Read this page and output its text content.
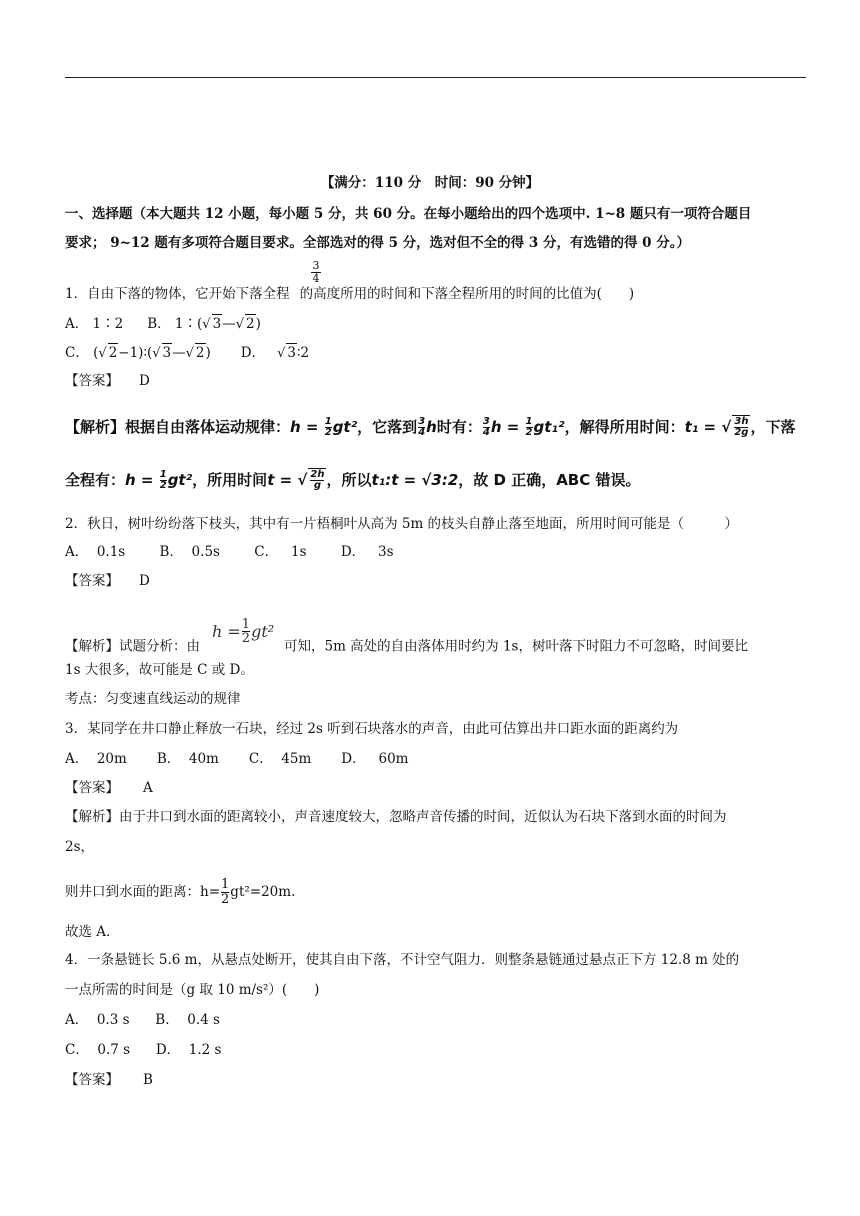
【满分：110 分　时间：90 分钟】
一、选择题（本大题共 12 小题，每小题 5 分，共 60 分。在每小题给出的四个选项中. 1~8 题只有一项符合题目
要求； 9~12 题有多项符合题目要求。全部选对的得 5 分，选对但不全的得 3 分，有选错的得 0 分。）
3
4
1．自由下落的物体，它开始下落全程 的高度所用的时间和下落全程所用的时间的比值为(　　)
A． 1∶2 B． 1∶(√ 3—√ 2)
C． (√ 2−1)∶(√ 3—√ 2) D． √ 3∶2
【答案】 D
【解析】根据自由落体运动规律：$h = \frac{1}{2} gt^2$，它落到 $\frac{3}{4}$ h时有： $\frac{3}{4}$ $h = \frac{1}{2} gt_1^2$，解得所用时间：t₁ = √ $\frac{3h}{2g}$ ，下落
全程有：$h = \frac{1}{2} gt^2$，所用时间t = √ $\frac{2h}{g}$ ，所以t₁:t = √3:2，故 D 正确，ABC 错误。
2．秋日，树叶纷纷落下枝头，其中有一片梧桐叶从高为 5m 的枝头自静止落至地面，所用时间可能是（　　　）
A．  0.1s        B．  0.5s        C．   1s        D．   3s
【答案】 D
【解析】试题分析：由$h = \frac{1}{2} gt^2$可知，5m 高处的自由落体用时约为 1s，树叶落下时阻力不可忽略，时间要比
1s 大很多，故可能是 C 或 D。
考点：匀变速直线运动的规律
3．某同学在井口静止释放一石块，经过 2s 听到石块落水的声音，由此可估算出井口距水面的距离约为
A．  20m       B．  40m       C．  45m       D．   60m
【答案】 A
【解析】由于井口到水面的距离较小，声音速度较大，忽略声音传播的时间，近似认为石块下落到水面的时间为
2s，
则井口到水面的距离：$h= \frac{1}{2} gt^2=20m$.
故选 A.
4．一条悬链长 5.6 m，从悬点处断开，使其自由下落，不计空气阻力．则整条悬链通过悬点正下方 12.8 m 处的
一点所需的时间是（g 取 10 m/s²）(　　)
A．  0.3 s      B．  0.4 s
C．  0.7 s      D．  1.2 s
【答案】 B
